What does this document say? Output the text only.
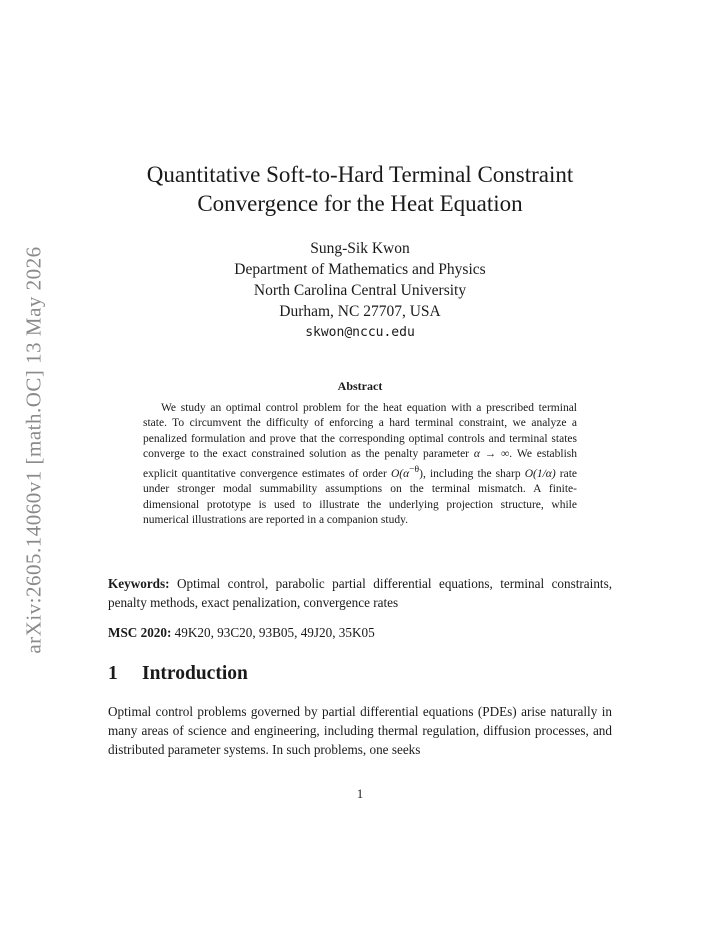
arXiv:2605.14060v1 [math.OC] 13 May 2026
Quantitative Soft-to-Hard Terminal Constraint
Convergence for the Heat Equation
Sung-Sik Kwon
Department of Mathematics and Physics
North Carolina Central University
Durham, NC 27707, USA
skwon@nccu.edu
Abstract

We study an optimal control problem for the heat equation with a prescribed terminal state. To circumvent the difficulty of enforcing a hard terminal constraint, we analyze a penalized formulation and prove that the corresponding optimal controls and terminal states converge to the exact constrained solution as the penalty parameter α → ∞. We establish explicit quantitative convergence estimates of order $O(\alpha^{-\theta})$, including the sharp O(1/α) rate under stronger modal summability assumptions on the terminal mismatch. A finite-dimensional prototype is used to illustrate the underlying projection structure, while numerical illustrations are reported in a companion study.

Keywords: Optimal control, parabolic partial differential equations, terminal constraints, penalty methods, exact penalization, convergence rates

MSC 2020: 49K20, 93C20, 93B05, 49J20, 35K05

1 Introduction

Optimal control problems governed by partial differential equations (PDEs) arise naturally in many areas of science and engineering, including thermal regulation, diffusion processes, and distributed parameter systems. In such problems, one seeks

1
